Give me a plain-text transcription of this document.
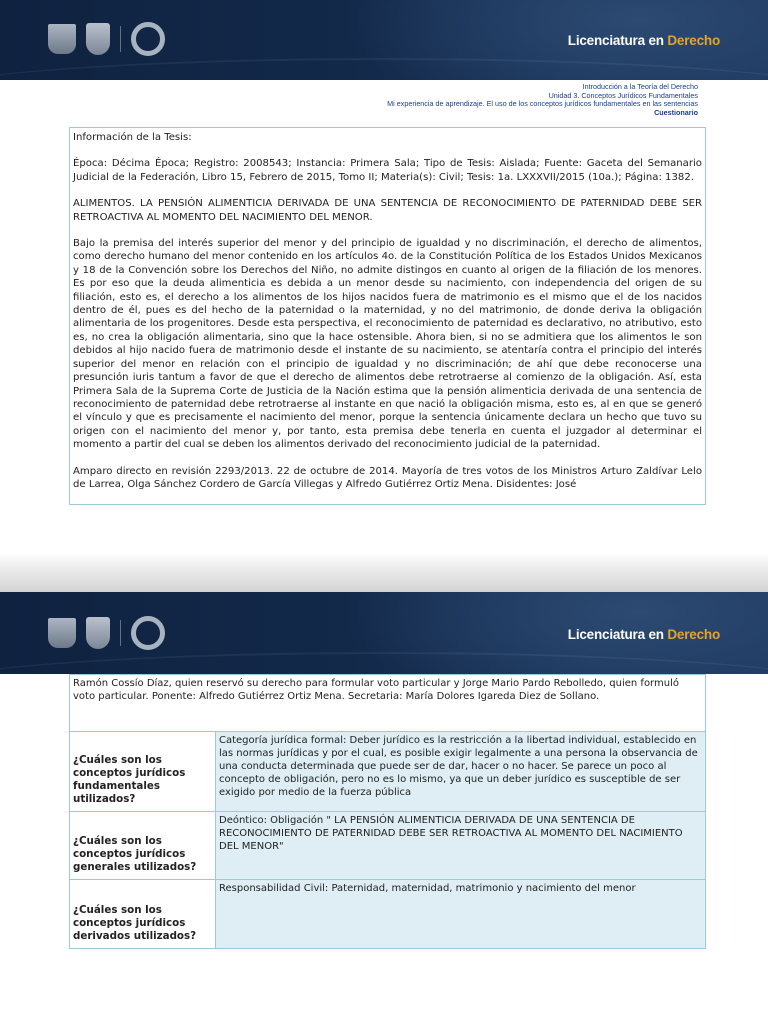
Licenciatura en Derecho
Introducción a la Teoría del Derecho
Unidad 3. Conceptos Jurídicos Fundamentales
Mi experiencia de aprendizaje. El uso de los conceptos jurídicos fundamentales en las sentencias
Cuestionario

Información de la Tesis:

Época: Décima Época; Registro: 2008543; Instancia: Primera Sala; Tipo de Tesis: Aislada; Fuente: Gaceta del Semanario Judicial de la Federación, Libro 15, Febrero de 2015, Tomo II; Materia(s): Civil; Tesis: 1a. LXXXVII/2015 (10a.); Página: 1382.

ALIMENTOS. LA PENSIÓN ALIMENTICIA DERIVADA DE UNA SENTENCIA DE RECONOCIMIENTO DE PATERNIDAD DEBE SER RETROACTIVA AL MOMENTO DEL NACIMIENTO DEL MENOR.

Bajo la premisa del interés superior del menor y del principio de igualdad y no discriminación, el derecho de alimentos, como derecho humano del menor contenido en los artículos 4o. de la Constitución Política de los Estados Unidos Mexicanos y 18 de la Convención sobre los Derechos del Niño, no admite distingos en cuanto al origen de la filiación de los menores. Es por eso que la deuda alimenticia es debida a un menor desde su nacimiento, con independencia del origen de su filiación, esto es, el derecho a los alimentos de los hijos nacidos fuera de matrimonio es el mismo que el de los nacidos dentro de él, pues es del hecho de la paternidad o la maternidad, y no del matrimonio, de donde deriva la obligación alimentaria de los progenitores. Desde esta perspectiva, el reconocimiento de paternidad es declarativo, no atributivo, esto es, no crea la obligación alimentaria, sino que la hace ostensible. Ahora bien, si no se admitiera que los alimentos le son debidos al hijo nacido fuera de matrimonio desde el instante de su nacimiento, se atentaría contra el principio del interés superior del menor en relación con el principio de igualdad y no discriminación; de ahí que debe reconocerse una presunción iuris tantum a favor de que el derecho de alimentos debe retrotraerse al comienzo de la obligación. Así, esta Primera Sala de la Suprema Corte de Justicia de la Nación estima que la pensión alimenticia derivada de una sentencia de reconocimiento de paternidad debe retrotraerse al instante en que nació la obligación misma, esto es, al en que se generó el vínculo y que es precisamente el nacimiento del menor, porque la sentencia únicamente declara un hecho que tuvo su origen con el nacimiento del menor y, por tanto, esta premisa debe tenerla en cuenta el juzgador al determinar el momento a partir del cual se deben los alimentos derivado del reconocimiento judicial de la paternidad.

Amparo directo en revisión 2293/2013. 22 de octubre de 2014. Mayoría de tres votos de los Ministros Arturo Zaldívar Lelo de Larrea, Olga Sánchez Cordero de García Villegas y Alfredo Gutiérrez Ortiz Mena. Disidentes: José

Licenciatura en Derecho
Ramón Cossío Díaz, quien reservó su derecho para formular voto particular y Jorge Mario Pardo Rebolledo, quien formuló voto particular. Ponente: Alfredo Gutiérrez Ortiz Mena. Secretaria: María Dolores Igareda Diez de Sollano.	
¿Cuáles son los conceptos jurídicos fundamentales utilizados?	Categoría jurídica formal: Deber jurídico es la restricción a la libertad individual, establecido en las normas jurídicas y por el cual, es posible exigir legalmente a una persona la observancia de una conducta determinada que puede ser de dar, hacer o no hacer. Se parece un poco al concepto de obligación, pero no es lo mismo, ya que un deber jurídico es susceptible de ser exigido por medio de la fuerza pública
¿Cuáles son los conceptos jurídicos generales utilizados?	Deóntico: Obligación " LA PENSIÓN ALIMENTICIA DERIVADA DE UNA SENTENCIA DE RECONOCIMIENTO DE PATERNIDAD DEBE SER RETROACTIVA AL MOMENTO DEL NACIMIENTO DEL MENOR"
¿Cuáles son los conceptos jurídicos derivados utilizados?	Responsabilidad Civil: Paternidad, maternidad, matrimonio y nacimiento del menor
